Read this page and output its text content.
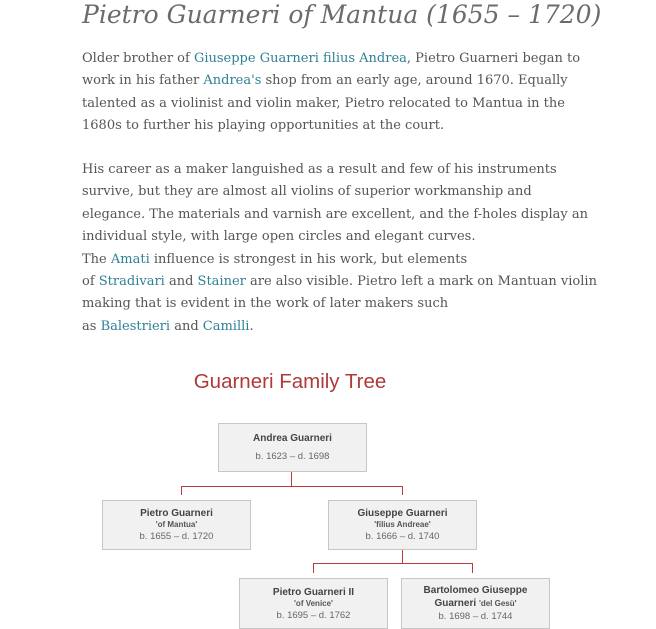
Pietro Guarneri of Mantua (1655 – 1720)
Older brother of Giuseppe Guarneri filius Andrea, Pietro Guarneri began to
work in his father Andrea's shop from an early age, around 1670. Equally
talented as a violinist and violin maker, Pietro relocated to Mantua in the
1680s to further his playing opportunities at the court.
His career as a maker languished as a result and few of his instruments
survive, but they are almost all violins of superior workmanship and
elegance. The materials and varnish are excellent, and the f-holes display an
individual style, with large open circles and elegant curves.
The Amati influence is strongest in his work, but elements
of Stradivari and Stainer are also visible. Pietro left a mark on Mantuan violin
making that is evident in the work of later makers such
as Balestrieri and Camilli.
Guarneri Family Tree
Andrea Guarneri
b. 1623 – d. 1698
Pietro Guarneri
'of Mantua'
b. 1655 – d. 1720
Giuseppe Guarneri
'filius Andreae'
b. 1666 – d. 1740
Pietro Guarneri II
'of Venice'
b. 1695 – d. 1762
Bartolomeo Giuseppe
Guarneri 'del Gesù'
b. 1698 – d. 1744
